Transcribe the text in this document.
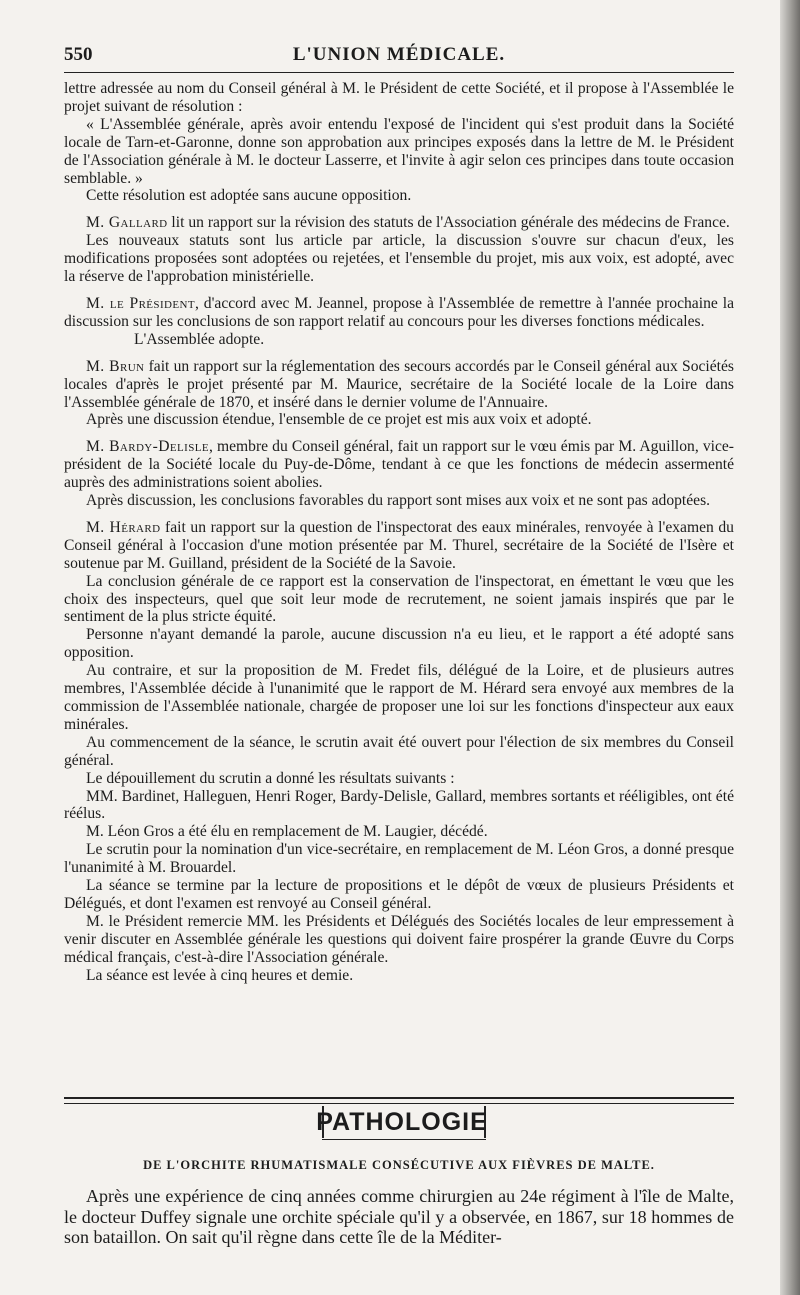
550	L'UNION MÉDICALE.

lettre adressée au nom du Conseil général à M. le Président de cette Société, et il propose à l'Assemblée le projet suivant de résolution :

« L'Assemblée générale, après avoir entendu l'exposé de l'incident qui s'est produit dans la Société locale de Tarn-et-Garonne, donne son approbation aux principes exposés dans la lettre de M. le Président de l'Association générale à M. le docteur Lasserre, et l'invite à agir selon ces principes dans toute occasion semblable. »

Cette résolution est adoptée sans aucune opposition.

M. Gallard lit un rapport sur la révision des statuts de l'Association générale des médecins de France.

Les nouveaux statuts sont lus article par article, la discussion s'ouvre sur chacun d'eux, les modifications proposées sont adoptées ou rejetées, et l'ensemble du projet, mis aux voix, est adopté, avec la réserve de l'approbation ministérielle.

M. le Président, d'accord avec M. Jeannel, propose à l'Assemblée de remettre à l'année prochaine la discussion sur les conclusions de son rapport relatif au concours pour les diverses fonctions médicales.

L'Assemblée adopte.

M. Brun fait un rapport sur la réglementation des secours accordés par le Conseil général aux Sociétés locales d'après le projet présenté par M. Maurice, secrétaire de la Société locale de la Loire dans l'Assemblée générale de 1870, et inséré dans le dernier volume de l'Annuaire.

Après une discussion étendue, l'ensemble de ce projet est mis aux voix et adopté.

M. Bardy-Delisle, membre du Conseil général, fait un rapport sur le vœu émis par M. Aguillon, vice-président de la Société locale du Puy-de-Dôme, tendant à ce que les fonctions de médecin assermenté auprès des administrations soient abolies.

Après discussion, les conclusions favorables du rapport sont mises aux voix et ne sont pas adoptées.

M. Hérard fait un rapport sur la question de l'inspectorat des eaux minérales, renvoyée à l'examen du Conseil général à l'occasion d'une motion présentée par M. Thurel, secrétaire de la Société de l'Isère et soutenue par M. Guilland, président de la Société de la Savoie.

La conclusion générale de ce rapport est la conservation de l'inspectorat, en émettant le vœu que les choix des inspecteurs, quel que soit leur mode de recrutement, ne soient jamais inspirés que par le sentiment de la plus stricte équité.

Personne n'ayant demandé la parole, aucune discussion n'a eu lieu, et le rapport a été adopté sans opposition.

Au contraire, et sur la proposition de M. Fredet fils, délégué de la Loire, et de plusieurs autres membres, l'Assemblée décide à l'unanimité que le rapport de M. Hérard sera envoyé aux membres de la commission de l'Assemblée nationale, chargée de proposer une loi sur les fonctions d'inspecteur aux eaux minérales.

Au commencement de la séance, le scrutin avait été ouvert pour l'élection de six membres du Conseil général.

Le dépouillement du scrutin a donné les résultats suivants :

MM. Bardinet, Halleguen, Henri Roger, Bardy-Delisle, Gallard, membres sortants et rééligibles, ont été réélus.

M. Léon Gros a été élu en remplacement de M. Laugier, décédé.

Le scrutin pour la nomination d'un vice-secrétaire, en remplacement de M. Léon Gros, a donné presque l'unanimité à M. Brouardel.

La séance se termine par la lecture de propositions et le dépôt de vœux de plusieurs Présidents et Délégués, et dont l'examen est renvoyé au Conseil général.

M. le Président remercie MM. les Présidents et Délégués des Sociétés locales de leur empressement à venir discuter en Assemblée générale les questions qui doivent faire prospérer la grande Œuvre du Corps médical français, c'est-à-dire l'Association générale.

La séance est levée à cinq heures et demie.

PATHOLOGIE
DE L'ORCHITE RHUMATISMALE CONSÉCUTIVE AUX FIÈVRES DE MALTE.

Après une expérience de cinq années comme chirurgien au 24e régiment à l'île de Malte, le docteur Duffey signale une orchite spéciale qu'il y a observée, en 1867, sur 18 hommes de son bataillon. On sait qu'il règne dans cette île de la Méditer-
